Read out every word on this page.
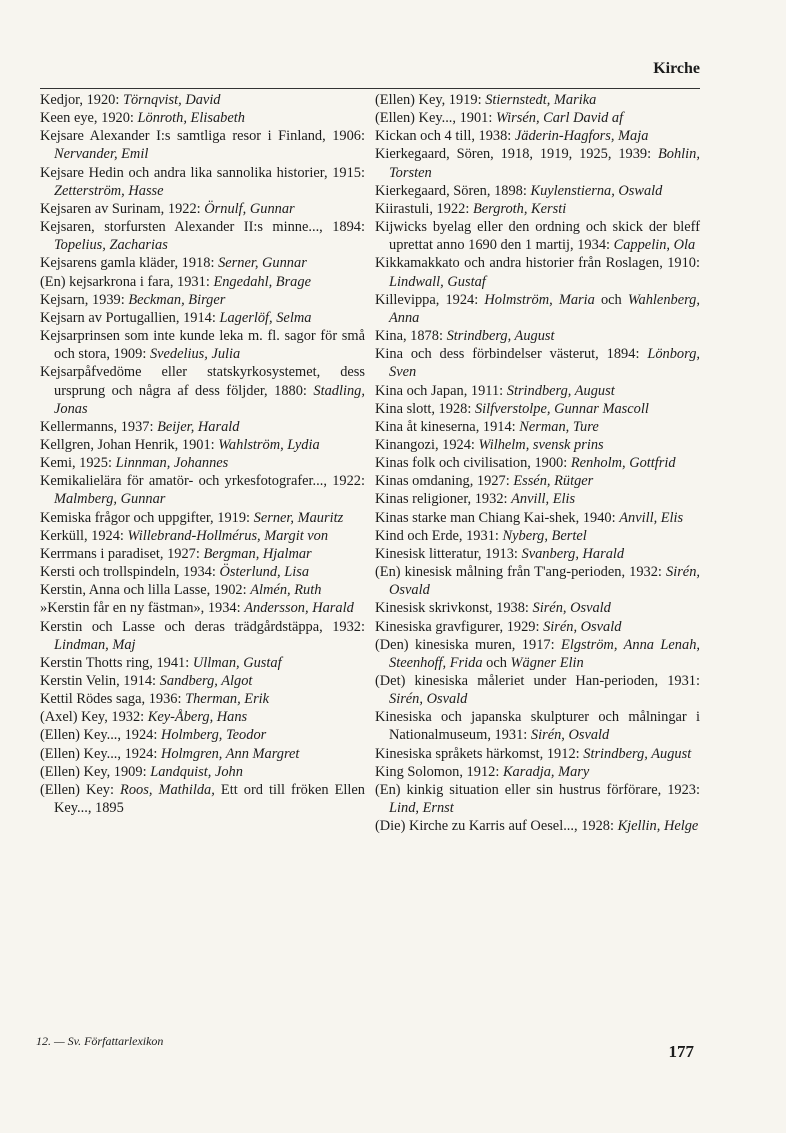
Kirche
Kedjor, 1920: Törnqvist, David
Keen eye, 1920: Lönroth, Elisabeth
Kejsare Alexander I:s samtliga resor i Finland, 1906: Nervander, Emil
Kejsare Hedin och andra lika sannolika historier, 1915: Zetterström, Hasse
Kejsaren av Surinam, 1922: Örnulf, Gunnar
Kejsaren, storfursten Alexander II:s minne..., 1894: Topelius, Zacharias
Kejsarens gamla kläder, 1918: Serner, Gunnar
(En) kejsarkrona i fara, 1931: Engedahl, Brage
Kejsarn, 1939: Beckman, Birger
Kejsarn av Portugallien, 1914: Lagerlöf, Selma
Kejsarprinsen som inte kunde leka m. fl. sagor för små och stora, 1909: Svedelius, Julia
Kejsarpåfvedöme eller statskyrkosystemet, dess ursprung och några af dess följder, 1880: Stadling, Jonas
Kellermanns, 1937: Beijer, Harald
Kellgren, Johan Henrik, 1901: Wahlström, Lydia
Kemi, 1925: Linnman, Johannes
Kemikalielära för amatör- och yrkesfotografer..., 1922: Malmberg, Gunnar
Kemiska frågor och uppgifter, 1919: Serner, Mauritz
Kerküll, 1924: Willebrand-Hollmérus, Margit von
Kerrmans i paradiset, 1927: Bergman, Hjalmar
Kersti och trollspindeln, 1934: Österlund, Lisa
Kerstin, Anna och lilla Lasse, 1902: Almén, Ruth
»Kerstin får en ny fästman», 1934: Andersson, Harald
Kerstin och Lasse och deras trädgårdstäppa, 1932: Lindman, Maj
Kerstin Thotts ring, 1941: Ullman, Gustaf
Kerstin Velin, 1914: Sandberg, Algot
Kettil Rödes saga, 1936: Therman, Erik
(Axel) Key, 1932: Key-Åberg, Hans
(Ellen) Key..., 1924: Holmberg, Teodor
(Ellen) Key..., 1924: Holmgren, Ann Margret
(Ellen) Key, 1909: Landquist, John
(Ellen) Key: Roos, Mathilda, Ett ord till fröken Ellen Key..., 1895
(Ellen) Key, 1919: Stiernstedt, Marika
(Ellen) Key..., 1901: Wirsén, Carl David af
Kickan och 4 till, 1938: Jäderin-Hagfors, Maja
Kierkegaard, Sören, 1918, 1919, 1925, 1939: Bohlin, Torsten
Kierkegaard, Sören, 1898: Kuylenstierna, Oswald
Kiirastuli, 1922: Bergroth, Kersti
Kijwicks byelag eller den ordning och skick der bleff uprettat anno 1690 den 1 martij, 1934: Cappelin, Ola
Kikkamakkato och andra historier från Roslagen, 1910: Lindwall, Gustaf
Killevippa, 1924: Holmström, Maria och Wahlenberg, Anna
Kina, 1878: Strindberg, August
Kina och dess förbindelser västerut, 1894: Lönborg, Sven
Kina och Japan, 1911: Strindberg, August
Kina slott, 1928: Silfverstolpe, Gunnar Mascoll
Kina åt kineserna, 1914: Nerman, Ture
Kinangozi, 1924: Wilhelm, svensk prins
Kinas folk och civilisation, 1900: Renholm, Gottfrid
Kinas omdaning, 1927: Essén, Rütger
Kinas religioner, 1932: Anvill, Elis
Kinas starke man Chiang Kai-shek, 1940: Anvill, Elis
Kind och Erde, 1931: Nyberg, Bertel
Kinesisk litteratur, 1913: Svanberg, Harald
(En) kinesisk målning från T'ang-perioden, 1932: Sirén, Osvald
Kinesisk skrivkonst, 1938: Sirén, Osvald
Kinesiska gravfigurer, 1929: Sirén, Osvald
(Den) kinesiska muren, 1917: Elgström, Anna Lenah, Steenhoff, Frida och Wägner Elin
(Det) kinesiska måleriet under Han-perioden, 1931: Sirén, Osvald
Kinesiska och japanska skulpturer och målningar i Nationalmuseum, 1931: Sirén, Osvald
Kinesiska språkets härkomst, 1912: Strindberg, August
King Solomon, 1912: Karadja, Mary
(En) kinkig situation eller sin hustrus förförare, 1923: Lind, Ernst
(Die) Kirche zu Karris auf Oesel..., 1928: Kjellin, Helge
12. — Sv. Författarlexikon
177
